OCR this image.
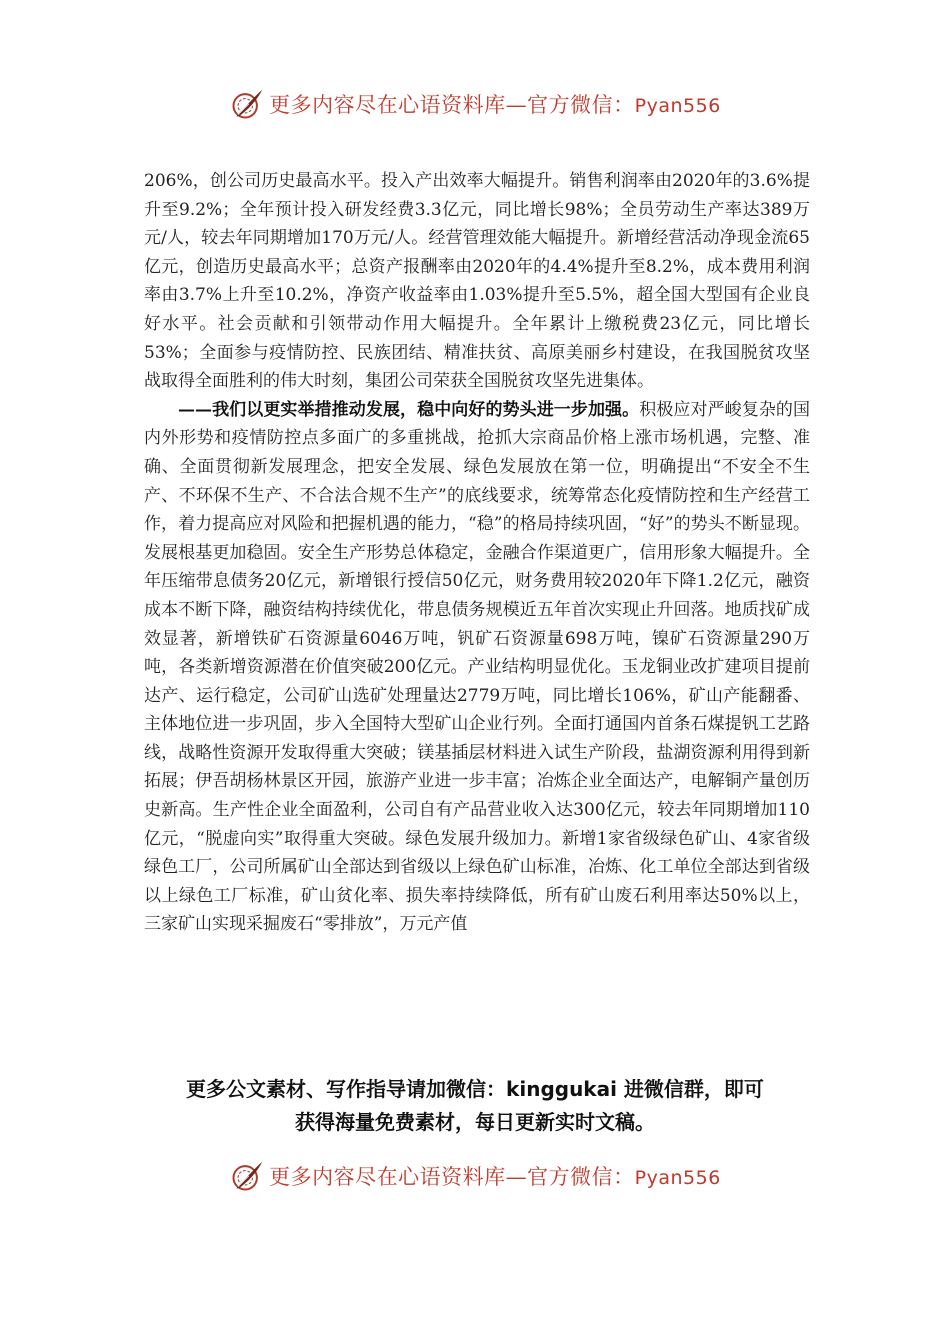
更多内容尽在心语资料库—官方微信：Pyan556

206%，创公司历史最高水平。投入产出效率大幅提升。销售利润率由2020年的3.6%提升至9.2%；全年预计投入研发经费3.3亿元，同比增长98%；全员劳动生产率达389万元/人，较去年同期增加170万元/人。经营管理效能大幅提升。新增经营活动净现金流65亿元，创造历史最高水平；总资产报酬率由2020年的4.4%提升至8.2%，成本费用利润率由3.7%上升至10.2%，净资产收益率由1.03%提升至5.5%，超全国大型国有企业良好水平。社会贡献和引领带动作用大幅提升。全年累计上缴税费23亿元，同比增长53%；全面参与疫情防控、民族团结、精准扶贫、高原美丽乡村建设，在我国脱贫攻坚战取得全面胜利的伟大时刻，集团公司荣获全国脱贫攻坚先进集体。

——我们以更实举措推动发展，稳中向好的势头进一步加强。积极应对严峻复杂的国内外形势和疫情防控点多面广的多重挑战，抢抓大宗商品价格上涨市场机遇，完整、准确、全面贯彻新发展理念，把安全发展、绿色发展放在第一位，明确提出“不安全不生产、不环保不生产、不合法合规不生产”的底线要求，统筹常态化疫情防控和生产经营工作，着力提高应对风险和把握机遇的能力，“稳”的格局持续巩固，“好”的势头不断显现。发展根基更加稳固。安全生产形势总体稳定，金融合作渠道更广，信用形象大幅提升。全年压缩带息债务20亿元，新增银行授信50亿元，财务费用较2020年下降1.2亿元，融资成本不断下降，融资结构持续优化，带息债务规模近五年首次实现止升回落。地质找矿成效显著，新增铁矿石资源量6046万吨，钒矿石资源量698万吨，镍矿石资源量290万吨，各类新增资源潜在价值突破200亿元。产业结构明显优化。玉龙铜业改扩建项目提前达产、运行稳定，公司矿山选矿处理量达2779万吨，同比增长106%，矿山产能翻番、主体地位进一步巩固，步入全国特大型矿山企业行列。全面打通国内首条石煤提钒工艺路线，战略性资源开发取得重大突破；镁基插层材料进入试生产阶段，盐湖资源利用得到新拓展；伊吾胡杨林景区开园，旅游产业进一步丰富；冶炼企业全面达产，电解铜产量创历史新高。生产性企业全面盈利，公司自有产品营业收入达300亿元，较去年同期增加110亿元，“脱虚向实”取得重大突破。绿色发展升级加力。新增1家省级绿色矿山、4家省级绿色工厂，公司所属矿山全部达到省级以上绿色矿山标准，冶炼、化工单位全部达到省级以上绿色工厂标准，矿山贫化率、损失率持续降低，所有矿山废石利用率达50%以上，三家矿山实现采掘废石“零排放”，万元产值

更多公文素材、写作指导请加微信：kinggukai 进微信群，即可

获得海量免费素材，每日更新实时文稿。

更多内容尽在心语资料库—官方微信：Pyan556
